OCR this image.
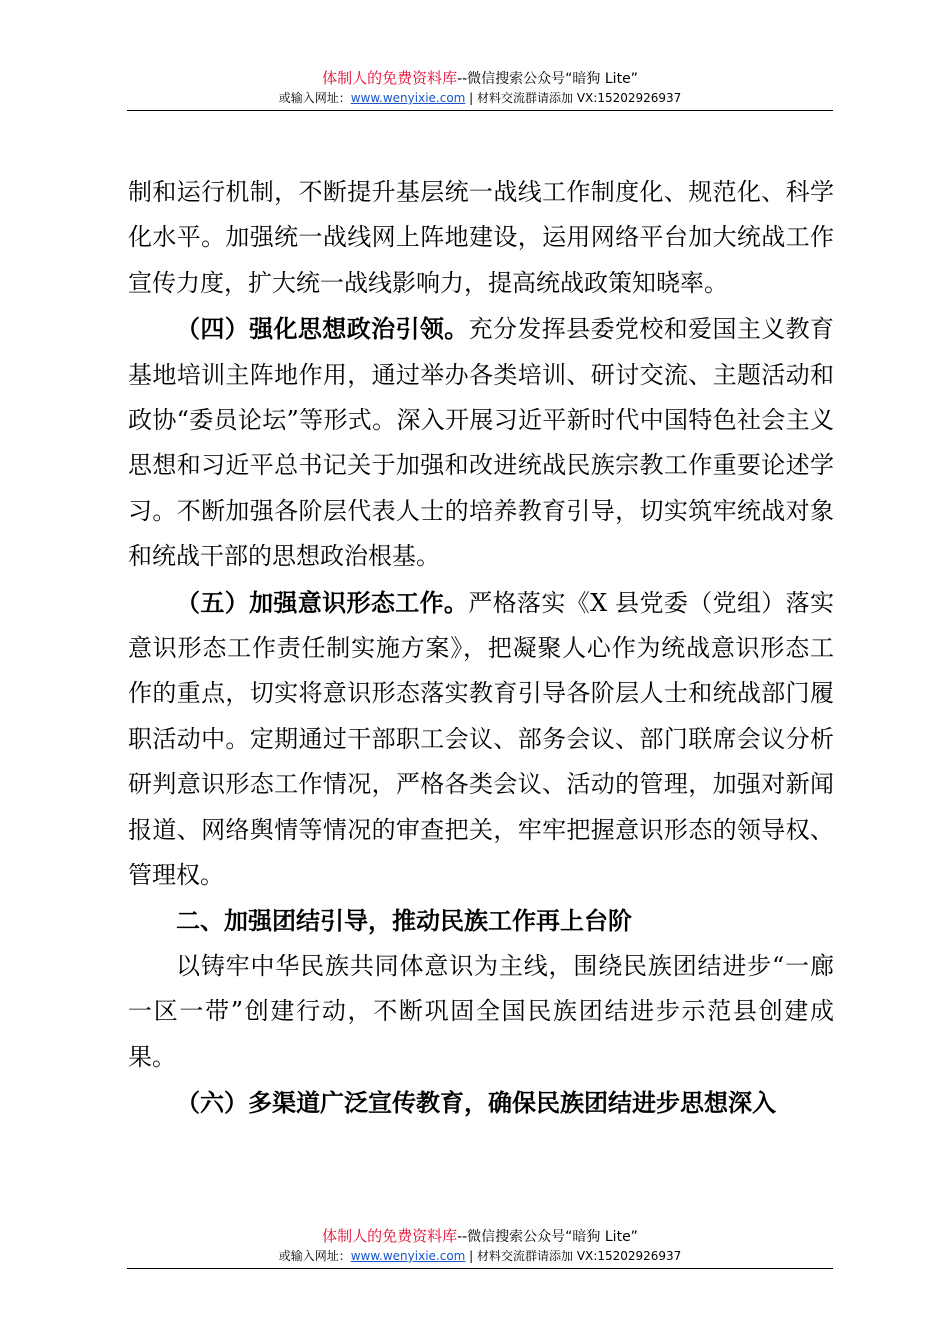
体制人的免费资料库--微信搜索公众号“暗狗 Lite”
或输入网址：www.wenyixie.com | 材料交流群请添加 VX:15202926937

制和运行机制，不断提升基层统一战线工作制度化、规范化、科学化水平。加强统一战线网上阵地建设，运用网络平台加大统战工作宣传力度，扩大统一战线影响力，提高统战政策知晓率。

（四）强化思想政治引领。充分发挥县委党校和爱国主义教育基地培训主阵地作用，通过举办各类培训、研讨交流、主题活动和政协“委员论坛”等形式。深入开展习近平新时代中国特色社会主义思想和习近平总书记关于加强和改进统战民族宗教工作重要论述学习。不断加强各阶层代表人士的培养教育引导，切实筑牢统战对象和统战干部的思想政治根基。

（五）加强意识形态工作。严格落实《X 县党委（党组）落实意识形态工作责任制实施方案》，把凝聚人心作为统战意识形态工作的重点，切实将意识形态落实教育引导各阶层人士和统战部门履职活动中。定期通过干部职工会议、部务会议、部门联席会议分析研判意识形态工作情况，严格各类会议、活动的管理，加强对新闻报道、网络舆情等情况的审查把关，牢牢把握意识形态的领导权、管理权。

二、加强团结引导，推动民族工作再上台阶

以铸牢中华民族共同体意识为主线，围绕民族团结进步“一廊一区一带”创建行动，不断巩固全国民族团结进步示范县创建成果。

（六）多渠道广泛宣传教育，确保民族团结进步思想深入

体制人的免费资料库--微信搜索公众号“暗狗 Lite”
或输入网址：www.wenyixie.com | 材料交流群请添加 VX:15202926937
